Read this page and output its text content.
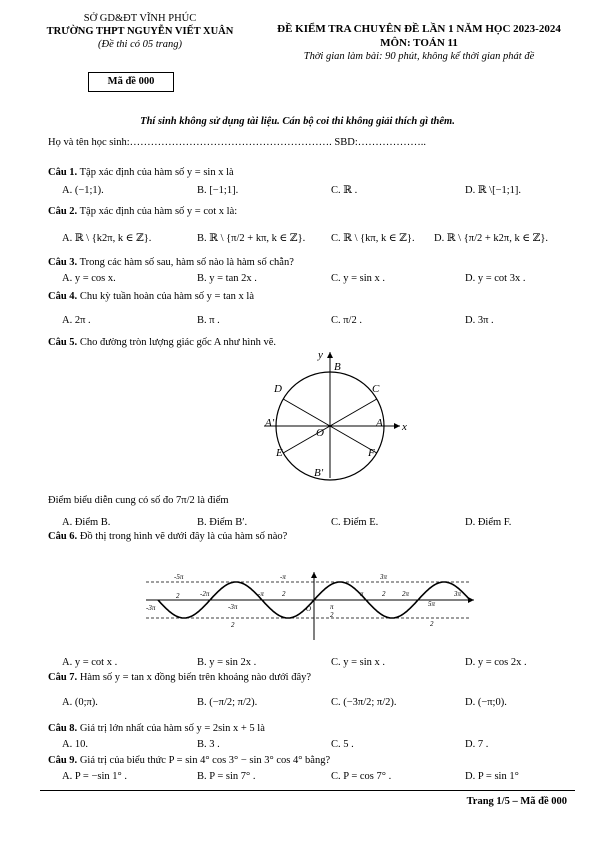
SỞ GD&ĐT VĨNH PHÚC
TRƯỜNG THPT NGUYỄN VIẾT XUÂN
(Đề thi có 05 trang)
ĐỀ KIỂM TRA CHUYÊN ĐỀ LẦN 1 NĂM HỌC 2023-2024
MÔN: TOÁN 11
Thời gian làm bài: 90 phút, không kể thời gian phát đề
Mã đề 000
Thí sinh không sử dụng tài liệu. Cán bộ coi thi không giải thích gì thêm.
Họ và tên học sinh:…………………………………………………. SBD:………………..
Câu 1. Tập xác định của hàm số y = sin x là
A. (−1;1).	B. [−1;1].	C. ℝ .	D. ℝ \[−1;1].
Câu 2. Tập xác định của hàm số y = cot x là:
A. ℝ \ {k2π, k ∈ ℤ}.	B. ℝ \ {π/2 + kπ, k ∈ ℤ}. C. ℝ \ {kπ, k ∈ ℤ}. D. ℝ \ {π/2 + k2π, k ∈ ℤ}.
Câu 3. Trong các hàm số sau, hàm số nào là hàm số chẵn?
A. y = cos x.	B. y = tan 2x .	C. y = sin x .	D. y = cot 3x .
Câu 4. Chu kỳ tuần hoàn của hàm số y = tan x là
A. 2π .	B. π .	C. π/2 .	D. 3π .
Câu 5. Cho đường tròn lượng giác gốc A như hình vẽ.
y
x
B
C
D
A′
O
A
E	F
B′
Điểm biểu diễn cung có số đo 7π/2 là điểm
A. Điểm B.	B. Điểm B′.	C. Điểm E.	D. Điểm F.
Câu 6. Đồ thị trong hình vẽ dưới đây là của hàm số nào?
-5π
2
-3π
-2π
-3π
2
-π
-π
2
O	π
2
π
3π
2 2π
5π
2
3π
A. y = cot x .	B. y = sin 2x .	C. y = sin x .	D. y = cos 2x .
Câu 7. Hàm số y = tan x đồng biến trên khoảng nào dưới đây?
A. (0;π).	B. (−π/2; π/2).	C. (−3π/2; π/2).	D. (−π;0).
Câu 8. Giá trị lớn nhất của hàm số y = 2sin x + 5 là
A. 10.	B. 3 .	C. 5 .	D. 7 .
Câu 9. Giá trị của biểu thức P = sin 4° cos 3° − sin 3° cos 4° bằng?
A. P = −sin 1° .	B. P = sin 7° .	C. P = cos 7° .	D. P = sin 1°
Trang 1/5 – Mã đề 000
